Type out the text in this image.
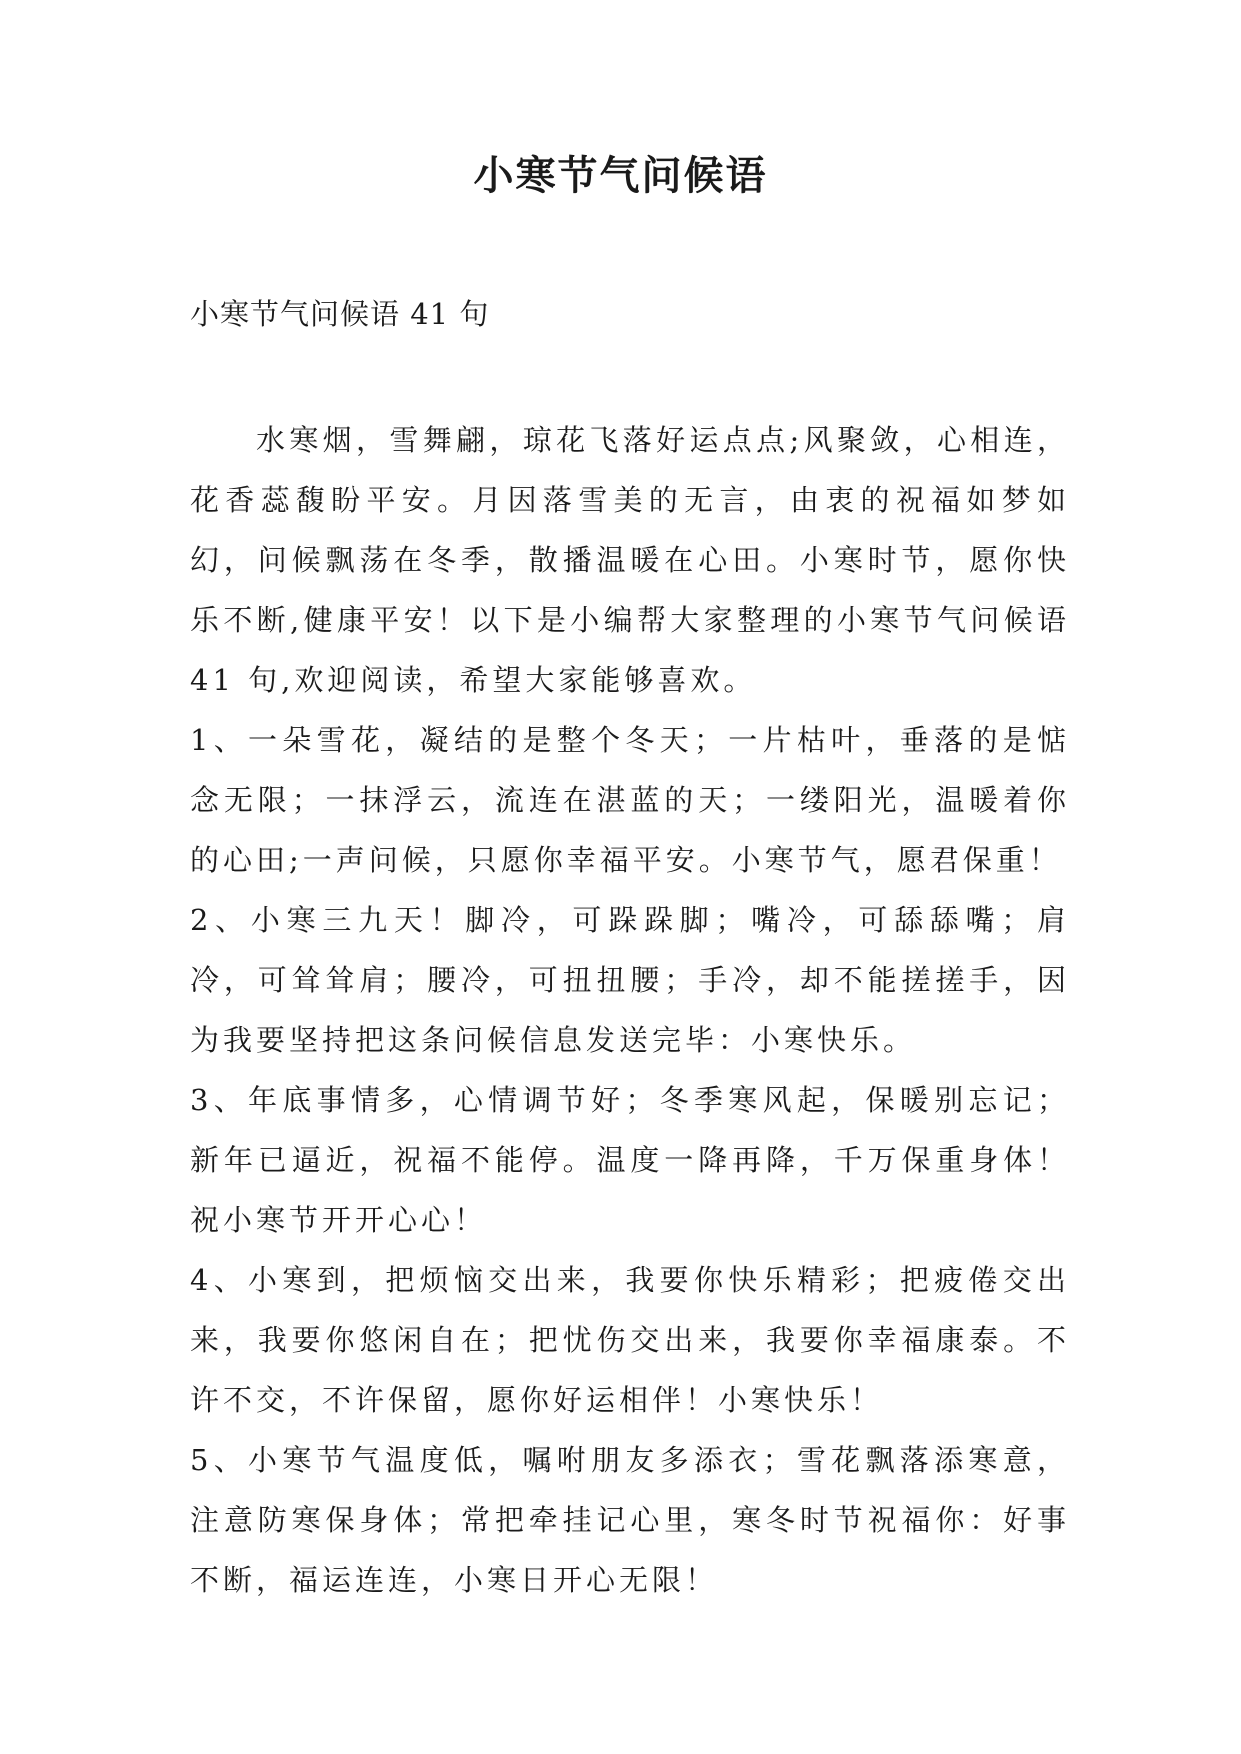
小寒节气问候语

小寒节气问候语 41 句

水寒烟，雪舞翩，琼花飞落好运点点;风聚敛，心相连，花香蕊馥盼平安。月因落雪美的无言，由衷的祝福如梦如幻，问候飘荡在冬季，散播温暖在心田。小寒时节，愿你快乐不断,健康平安！以下是小编帮大家整理的小寒节气问候语 41 句,欢迎阅读，希望大家能够喜欢。

1、一朵雪花，凝结的是整个冬天；一片枯叶，垂落的是惦念无限；一抹浮云，流连在湛蓝的天；一缕阳光，温暖着你的心田;一声问候，只愿你幸福平安。小寒节气，愿君保重！

2、小寒三九天！脚冷，可跺跺脚；嘴冷，可舔舔嘴；肩冷，可耸耸肩；腰冷，可扭扭腰；手冷，却不能搓搓手，因为我要坚持把这条问候信息发送完毕：小寒快乐。

3、年底事情多，心情调节好；冬季寒风起，保暖别忘记；新年已逼近，祝福不能停。温度一降再降，千万保重身体！祝小寒节开开心心！

4、小寒到，把烦恼交出来，我要你快乐精彩；把疲倦交出来，我要你悠闲自在；把忧伤交出来，我要你幸福康泰。不许不交，不许保留，愿你好运相伴！小寒快乐！

5、小寒节气温度低，嘱咐朋友多添衣；雪花飘落添寒意，注意防寒保身体；常把牵挂记心里，寒冬时节祝福你：好事不断，福运连连，小寒日开心无限！
